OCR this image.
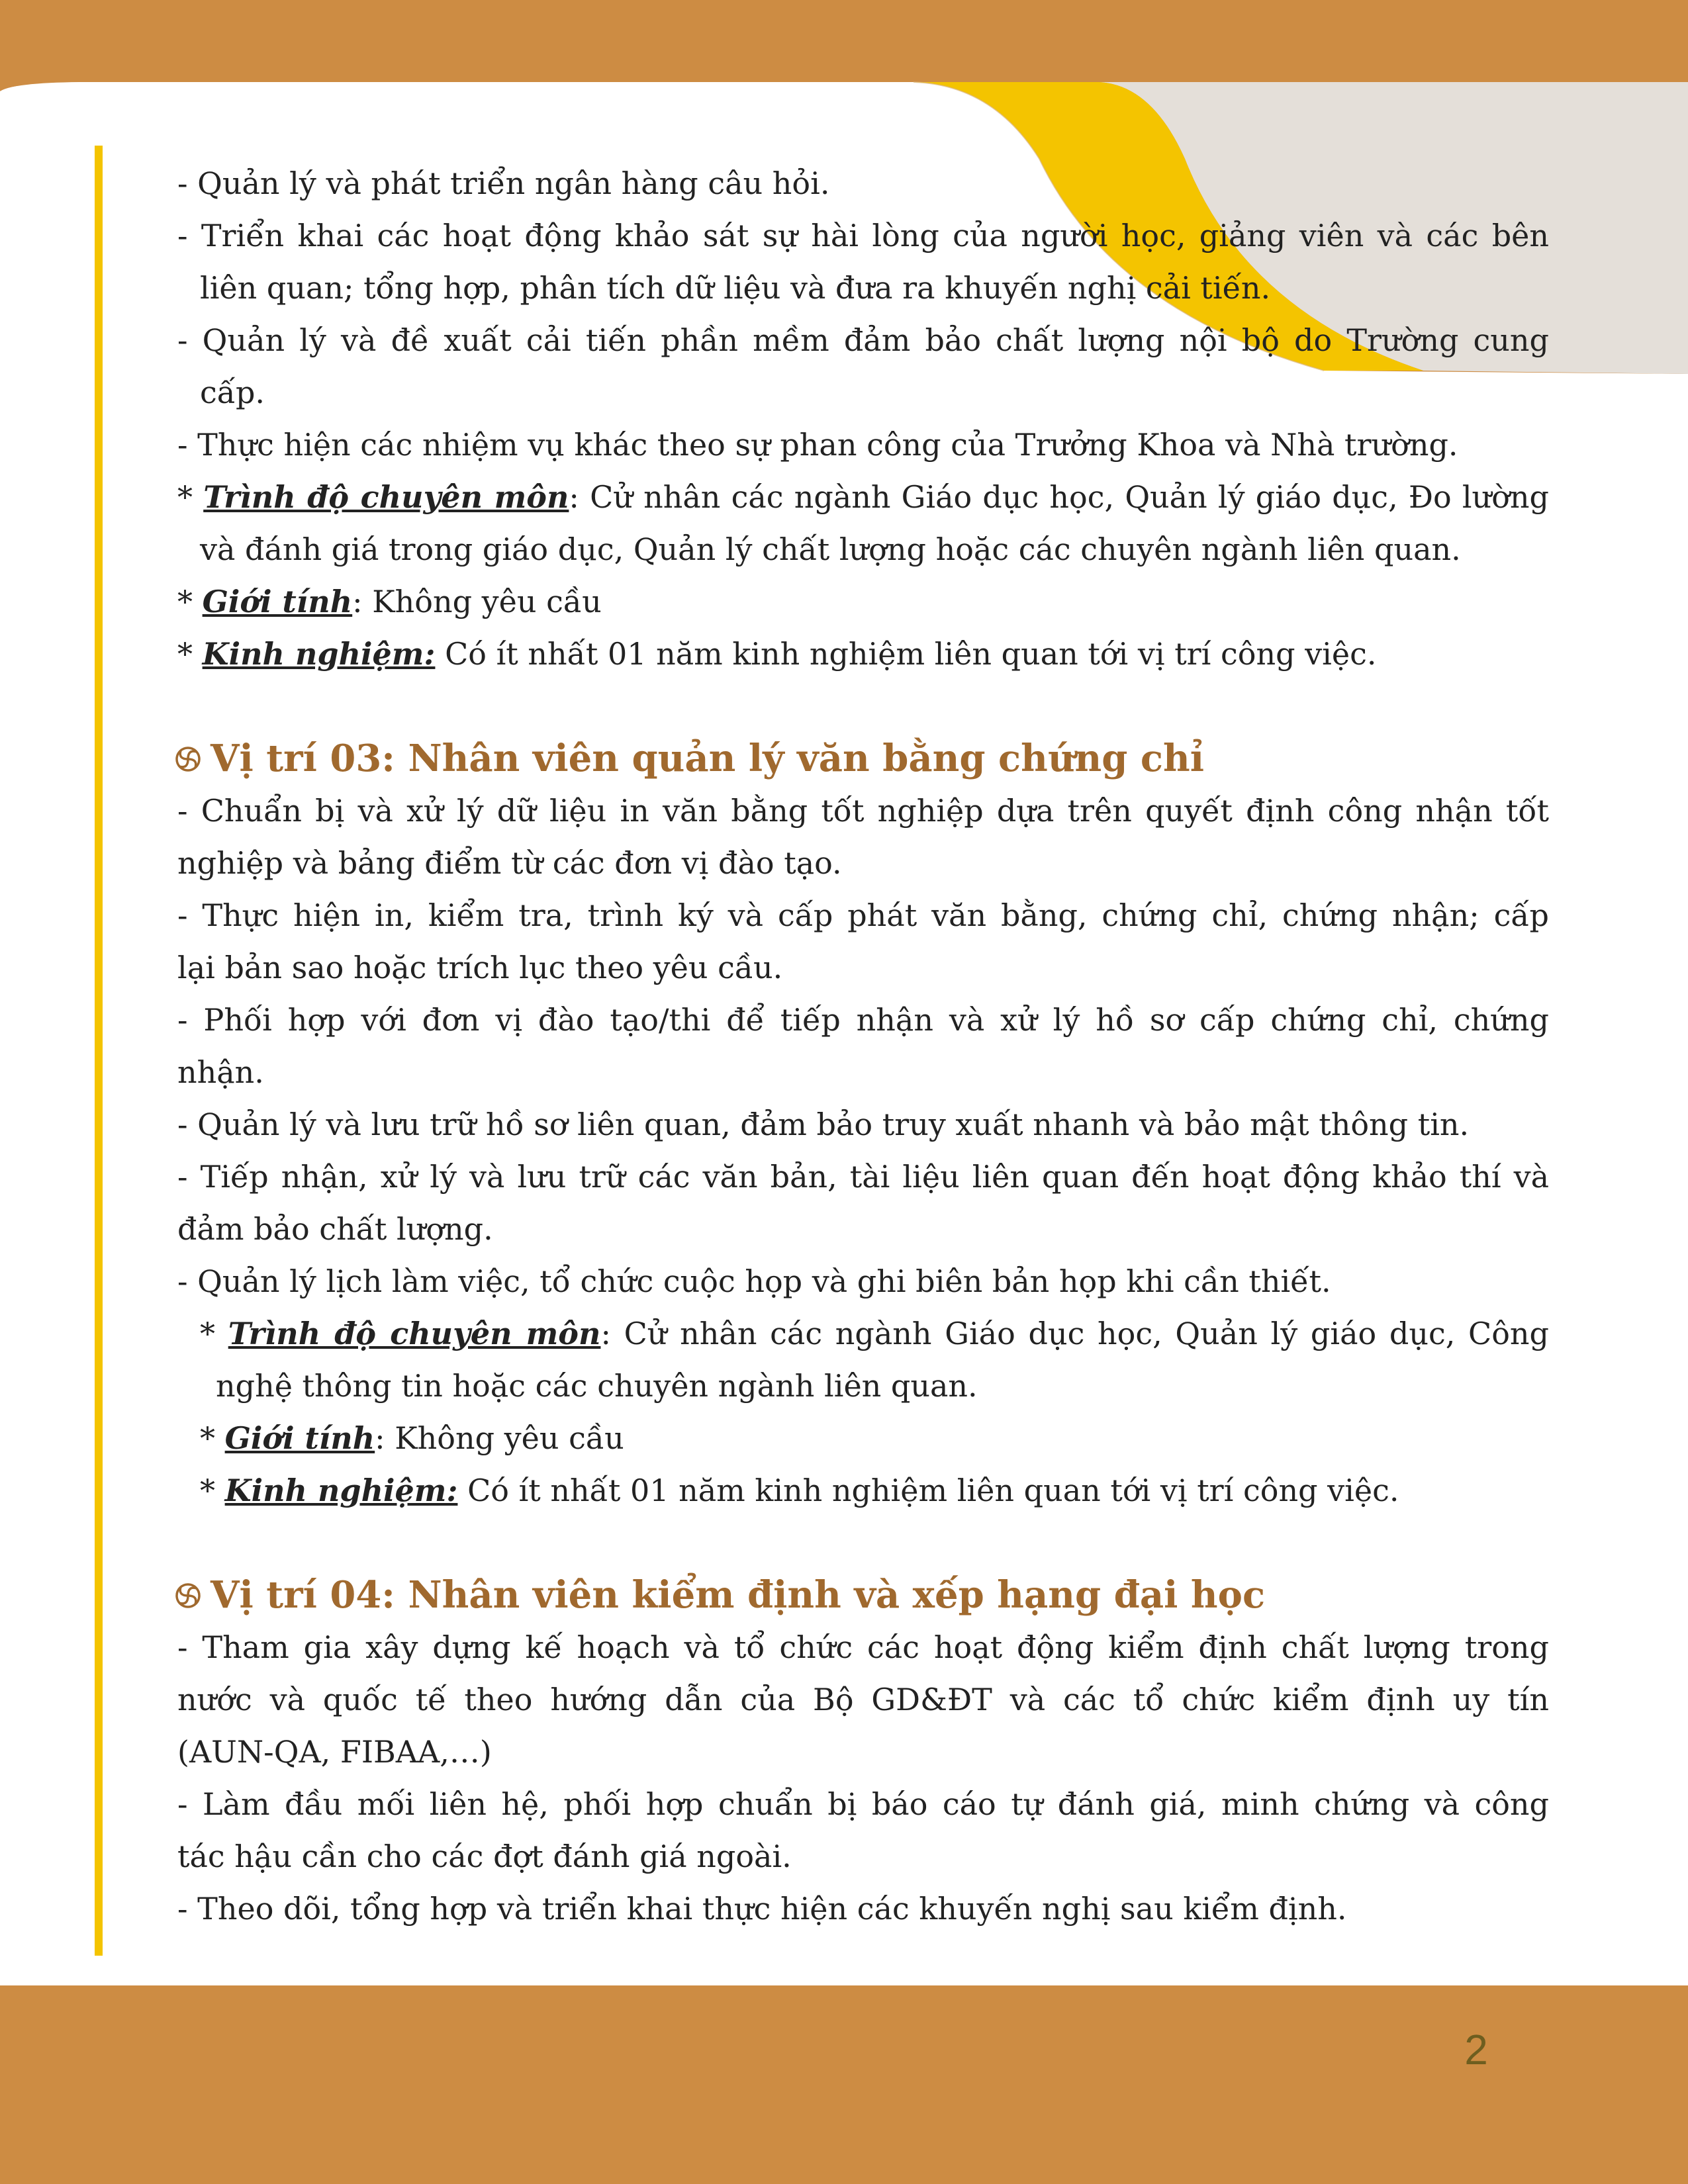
- Quản lý và phát triển ngân hàng câu hỏi.
- Triển khai các hoạt động khảo sát sự hài lòng của người học, giảng viên và các bên
liên quan; tổng hợp, phân tích dữ liệu và đưa ra khuyến nghị cải tiến.
- Quản lý và đề xuất cải tiến phần mềm đảm bảo chất lượng nội bộ do Trường cung
cấp.
- Thực hiện các nhiệm vụ khác theo sự phan công của Trưởng Khoa và Nhà trường.
* Trình độ chuyên môn: Cử nhân các ngành Giáo dục học, Quản lý giáo dục, Đo lường
và đánh giá trong giáo dục, Quản lý chất lượng hoặc các chuyên ngành liên quan.
* Giới tính: Không yêu cầu
* Kinh nghiệm: Có ít nhất 01 năm kinh nghiệm liên quan tới vị trí công việc.
Vị trí 03: Nhân viên quản lý văn bằng chứng chỉ
- Chuẩn bị và xử lý dữ liệu in văn bằng tốt nghiệp dựa trên quyết định công nhận tốt
nghiệp và bảng điểm từ các đơn vị đào tạo.
- Thực hiện in, kiểm tra, trình ký và cấp phát văn bằng, chứng chỉ, chứng nhận; cấp
lại bản sao hoặc trích lục theo yêu cầu.
- Phối hợp với đơn vị đào tạo/thi để tiếp nhận và xử lý hồ sơ cấp chứng chỉ, chứng
nhận.
- Quản lý và lưu trữ hồ sơ liên quan, đảm bảo truy xuất nhanh và bảo mật thông tin.
- Tiếp nhận, xử lý và lưu trữ các văn bản, tài liệu liên quan đến hoạt động khảo thí và
đảm bảo chất lượng.
- Quản lý lịch làm việc, tổ chức cuộc họp và ghi biên bản họp khi cần thiết.
* Trình độ chuyên môn: Cử nhân các ngành Giáo dục học, Quản lý giáo dục, Công
nghệ thông tin hoặc các chuyên ngành liên quan.
* Giới tính: Không yêu cầu
* Kinh nghiệm: Có ít nhất 01 năm kinh nghiệm liên quan tới vị trí công việc.
Vị trí 04: Nhân viên kiểm định và xếp hạng đại học
- Tham gia xây dựng kế hoạch và tổ chức các hoạt động kiểm định chất lượng trong
nước và quốc tế theo hướng dẫn của Bộ GD&ĐT và các tổ chức kiểm định uy tín
(AUN-QA, FIBAA,…)
- Làm đầu mối liên hệ, phối hợp chuẩn bị báo cáo tự đánh giá, minh chứng và công
tác hậu cần cho các đợt đánh giá ngoài.
- Theo dõi, tổng hợp và triển khai thực hiện các khuyến nghị sau kiểm định.
2
